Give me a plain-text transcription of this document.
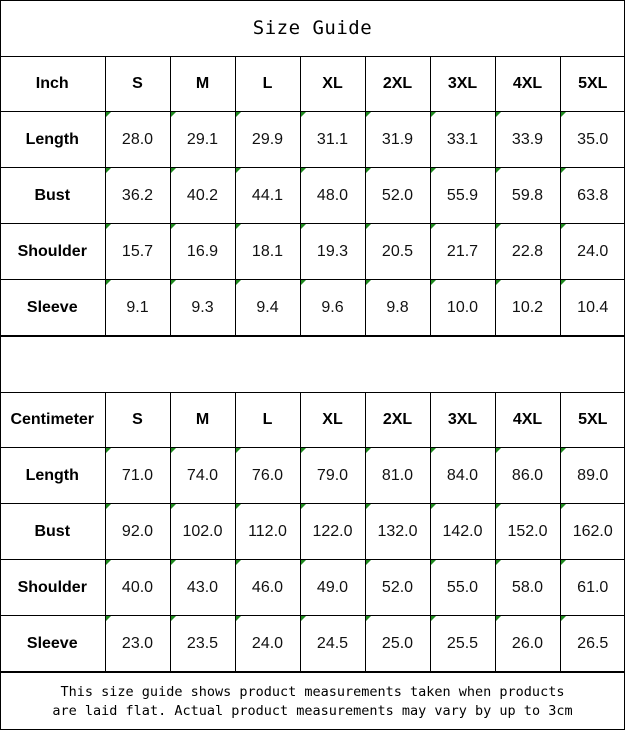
Size Guide
Inch	S	M	L	XL	2XL	3XL	4XL	5XL
Length	28.0	29.1	29.9	31.1	31.9	33.1	33.9	35.0
Bust	36.2	40.2	44.1	48.0	52.0	55.9	59.8	63.8
Shoulder	15.7	16.9	18.1	19.3	20.5	21.7	22.8	24.0
Sleeve	9.1	9.3	9.4	9.6	9.8	10.0	10.2	10.4
Centimeter	S	M	L	XL	2XL	3XL	4XL	5XL
Length	71.0	74.0	76.0	79.0	81.0	84.0	86.0	89.0
Bust	92.0	102.0	112.0	122.0	132.0	142.0	152.0	162.0
Shoulder	40.0	43.0	46.0	49.0	52.0	55.0	58.0	61.0
Sleeve	23.0	23.5	24.0	24.5	25.0	25.5	26.0	26.5
This size guide shows product measurements taken when products
are laid flat. Actual product measurements may vary by up to 3cm
